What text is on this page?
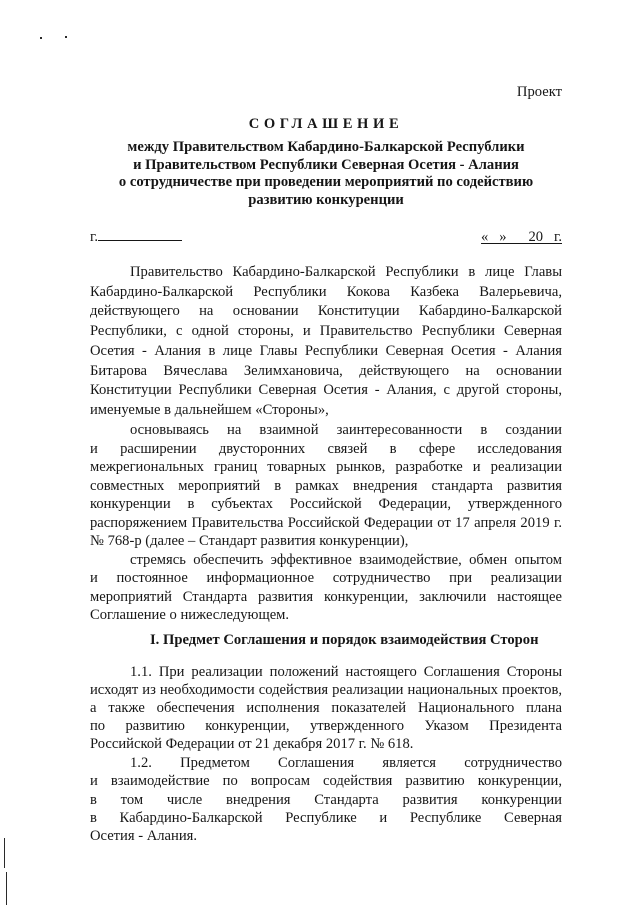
Проект
СОГЛАШЕНИЕ
между Правительством Кабардино-Балкарской Республики
и Правительством Республики Северная Осетия - Алания
о сотрудничестве при проведении мероприятий по содействию
развитию конкуренции
г.	«   »      20   г.
Правительство Кабардино-Балкарской Республики в лице Главы
Кабардино-Балкарской Республики Кокова Казбека Валерьевича,
действующего на основании Конституции Кабардино-Балкарской
Республики, с одной стороны, и Правительство Республики Северная
Осетия - Алания в лице Главы Республики Северная Осетия - Алания
Битарова Вячеслава Зелимхановича, действующего на основании
Конституции Республики Северная Осетия - Алания, с другой стороны,
именуемые в дальнейшем «Стороны»,
основываясь на взаимной заинтересованности в создании
и расширении двусторонних связей в сфере исследования
межрегиональных границ товарных рынков, разработке и реализации
совместных мероприятий в рамках внедрения стандарта развития
конкуренции в субъектах Российской Федерации, утвержденного
распоряжением Правительства Российской Федерации от 17 апреля 2019 г.
№ 768-р (далее – Стандарт развития конкуренции),
стремясь обеспечить эффективное взаимодействие, обмен опытом
и постоянное информационное сотрудничество при реализации
мероприятий Стандарта развития конкуренции, заключили настоящее
Соглашение о нижеследующем.
I. Предмет Соглашения и порядок взаимодействия Сторон
1.1. При реализации положений настоящего Соглашения Стороны
исходят из необходимости содействия реализации национальных проектов,
а также обеспечения исполнения показателей Национального плана
по развитию конкуренции, утвержденного Указом Президента
Российской Федерации от 21 декабря 2017 г. № 618.
1.2. Предметом Соглашения является сотрудничество
и взаимодействие по вопросам содействия развитию конкуренции,
в том числе внедрения Стандарта развития конкуренции
в Кабардино-Балкарской Республике и Республике Северная
Осетия - Алания.
